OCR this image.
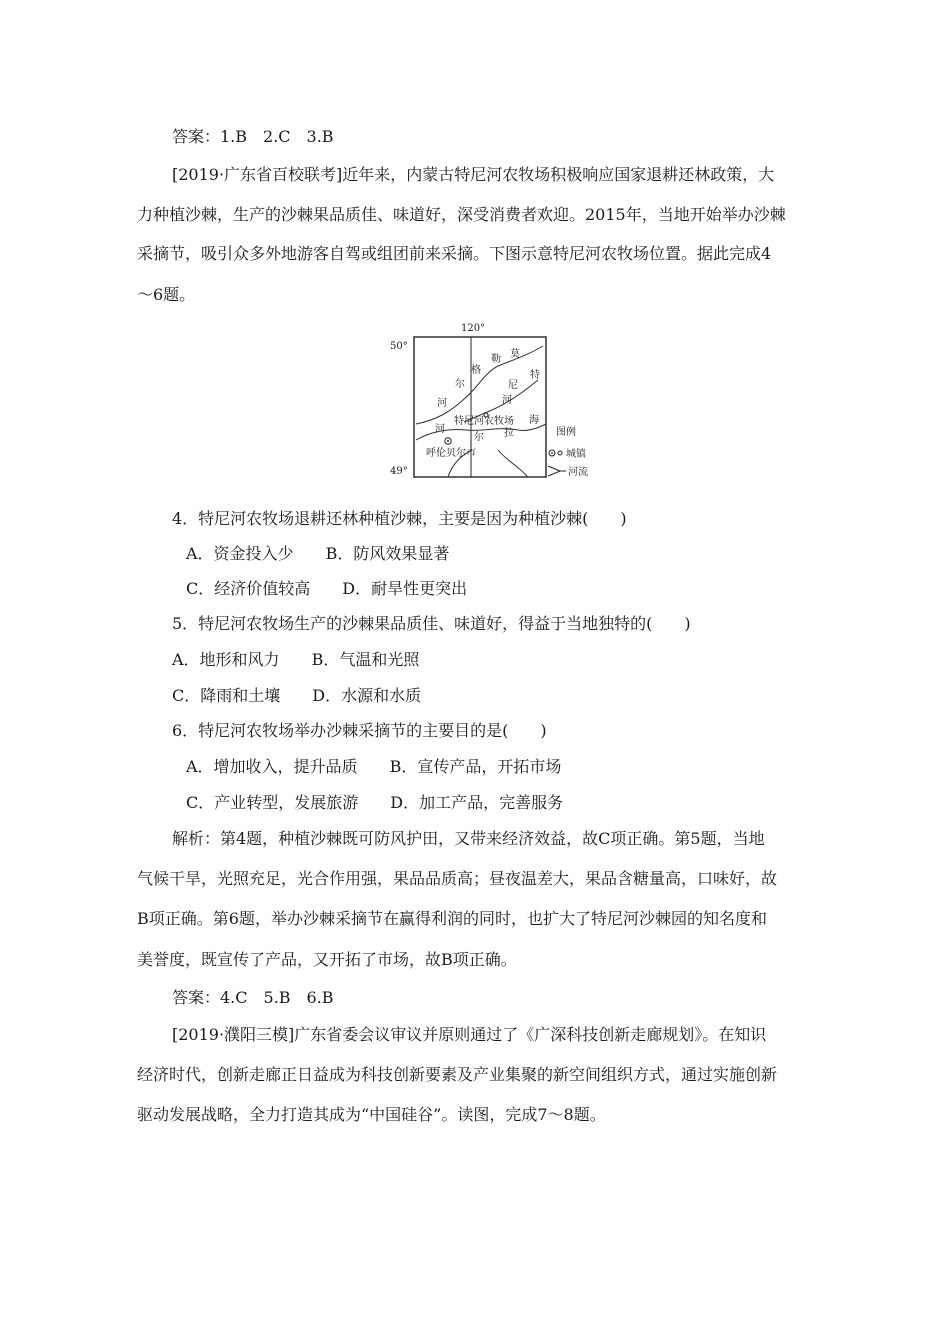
答案：1.B　2.C　3.B
[2019·广东省百校联考]近年来，内蒙古特尼河农牧场积极响应国家退耕还林政策，大
力种植沙棘，生产的沙棘果品质佳、味道好，深受消费者欢迎。2015年，当地开始举办沙棘
采摘节，吸引众多外地游客自驾或组团前来采摘。下图示意特尼河农牧场位置。据此完成4
～6题。
120°
50°
49°
莫
勒
格
尔
河
特
尼
河
海
拉
尔
河
特尼河农牧场
呼伦贝尔市
图例
城镇
河流
4．特尼河农牧场退耕还林种植沙棘，主要是因为种植沙棘(　　)
A．资金投入少 B．防风效果显著
C．经济价值较高 D．耐旱性更突出
5．特尼河农牧场生产的沙棘果品质佳、味道好，得益于当地独特的(　　)
A．地形和风力 B．气温和光照
C．降雨和土壤 D．水源和水质
6．特尼河农牧场举办沙棘采摘节的主要目的是(　　)
A．增加收入，提升品质 B．宣传产品，开拓市场
C．产业转型，发展旅游 D．加工产品，完善服务
解析：第4题，种植沙棘既可防风护田，又带来经济效益，故C项正确。第5题，当地
气候干旱，光照充足，光合作用强，果品品质高；昼夜温差大，果品含糖量高，口味好，故
B项正确。第6题，举办沙棘采摘节在赢得利润的同时，也扩大了特尼河沙棘园的知名度和
美誉度，既宣传了产品，又开拓了市场，故B项正确。
答案：4.C　5.B　6.B
[2019·濮阳三模]广东省委会议审议并原则通过了《广深科技创新走廊规划》。在知识
经济时代，创新走廊正日益成为科技创新要素及产业集聚的新空间组织方式，通过实施创新
驱动发展战略，全力打造其成为“中国硅谷”。读图，完成7～8题。
